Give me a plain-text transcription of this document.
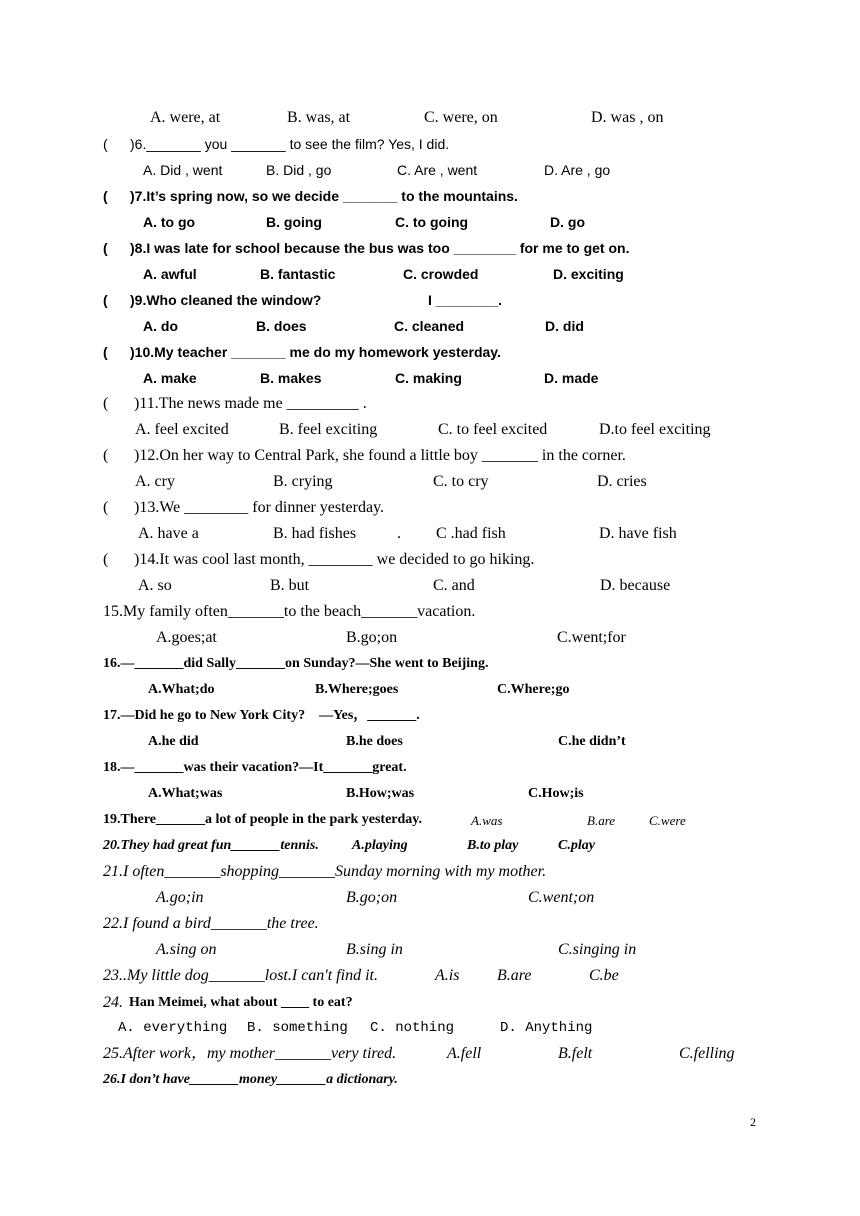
A. were, at	B. was, at	C. were, on	D. was , on
( )6._______ you _______ to see the film? Yes, I did.
A. Did , went	B. Did , go	C. Are , went	D. Are , go
( )7.It’s spring now, so we decide _______ to the mountains.
A. to go	B. going	C. to going	D. go
( )8.I was late for school because the bus was too ________ for me to get on.
A. awful	B. fantastic	C. crowded	D. exciting
( )9.Who cleaned the window?	I ________.
A. do	B. does	C. cleaned	D. did
( )10.My teacher _______ me do my homework yesterday.
A. make	B. makes	C. making	D. made
( )11.The news made me _________ .
A. feel excited	B. feel exciting	C. to feel excited	D.to feel exciting
( )12.On her way to Central Park, she found a little boy _______ in the corner.
A. cry	B. crying	C. to cry	D. cries
( )13.We ________ for dinner yesterday.
A. have a	B. had fishes	. C .had fish	D. have fish
( )14.It was cool last month, ________ we decided to go hiking.
A. so	B. but	C. and	D. because
15.My family often_______to the beach_______vacation.
A.goes;at	B.go;on	C.went;for
16.—_______did Sally_______on Sunday?—She went to Beijing.
A.What;do	B.Where;goes	C.Where;go
17.—Did he go to New York City?　—Yes，_______.
A.he did	B.he does	C.he didn’t
18.—_______was their vacation?—It_______great.
A.What;was	B.How;was	C.How;is
19.There_______a lot of people in the park yesterday.	A.was	B.are	C.were
20.They had great fun_______tennis. A.playing	B.to play	C.play
21.I often_______shopping_______Sunday morning with my mother.
A.go;in	B.go;on	C.went;on
22.I found a bird_______the tree.
A.sing on	B.sing in	C.singing in
23..My little dog_______lost.I can't find it.	A.is B.are	C.be
24. Han Meimei, what about ____ to eat?
A. everything B. something C. nothing	D. Anything
25.After work，my mother_______very tired.	A.fell	B.felt	C.felling
26.I don’t have_______money_______a dictionary.
2
